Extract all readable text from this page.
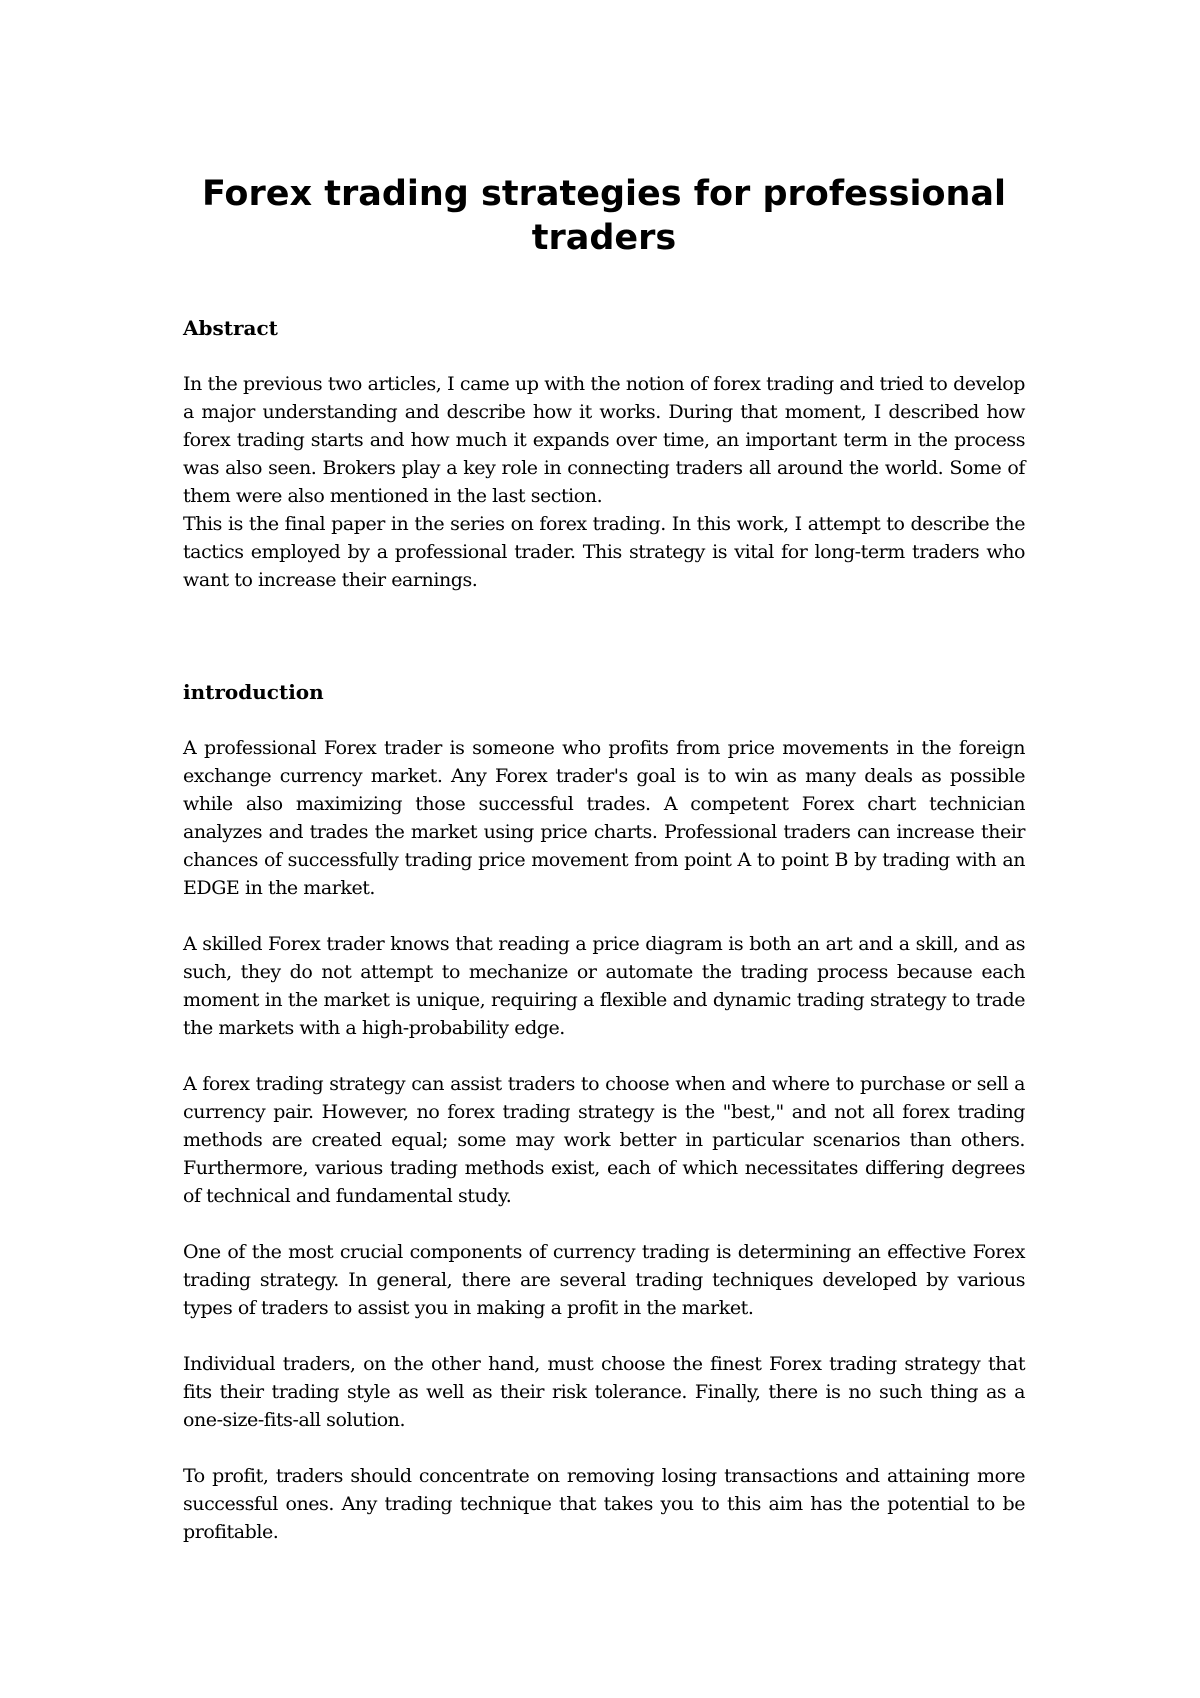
Forex trading strategies for professional traders
Abstract

In the previous two articles, I came up with the notion of forex trading and tried to develop a major understanding and describe how it works. During that moment, I described how forex trading starts and how much it expands over time, an important term in the process was also seen. Brokers play a key role in connecting traders all around the world. Some of them were also mentioned in the last section.

This is the final paper in the series on forex trading. In this work, I attempt to describe the tactics employed by a professional trader. This strategy is vital for long-term traders who want to increase their earnings.

introduction

A professional Forex trader is someone who profits from price movements in the foreign exchange currency market. Any Forex trader's goal is to win as many deals as possible while also maximizing those successful trades. A competent Forex chart technician analyzes and trades the market using price charts. Professional traders can increase their chances of successfully trading price movement from point A to point B by trading with an EDGE in the market.

A skilled Forex trader knows that reading a price diagram is both an art and a skill, and as such, they do not attempt to mechanize or automate the trading process because each moment in the market is unique, requiring a flexible and dynamic trading strategy to trade the markets with a high-probability edge.

A forex trading strategy can assist traders to choose when and where to purchase or sell a currency pair. However, no forex trading strategy is the "best," and not all forex trading methods are created equal; some may work better in particular scenarios than others. Furthermore, various trading methods exist, each of which necessitates differing degrees of technical and fundamental study.

One of the most crucial components of currency trading is determining an effective Forex trading strategy. In general, there are several trading techniques developed by various types of traders to assist you in making a profit in the market.

Individual traders, on the other hand, must choose the finest Forex trading strategy that fits their trading style as well as their risk tolerance. Finally, there is no such thing as a one-size-fits-all solution.

To profit, traders should concentrate on removing losing transactions and attaining more successful ones. Any trading technique that takes you to this aim has the potential to be profitable.
